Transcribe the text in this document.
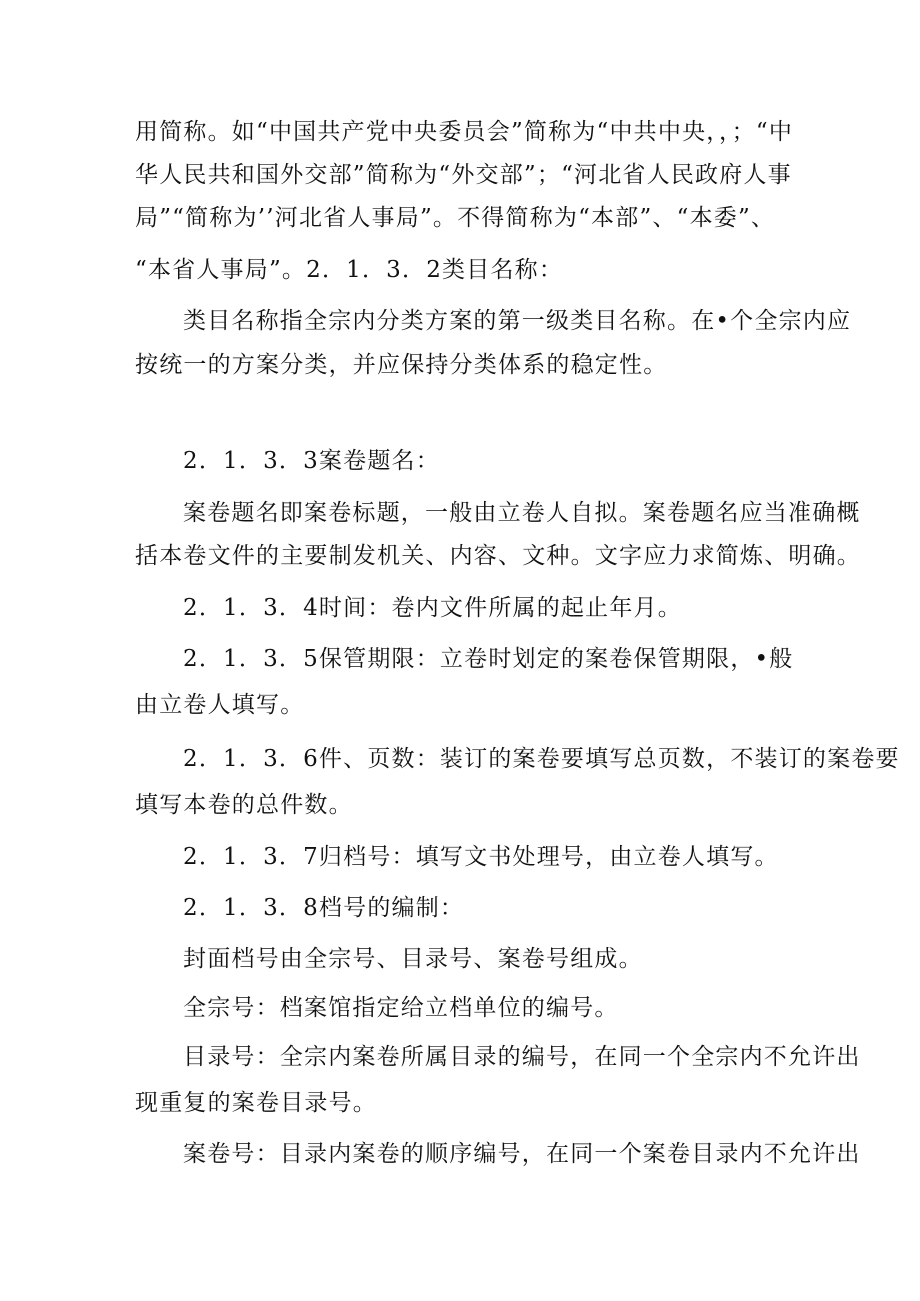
用简称。如“中国共产党中央委员会”简称为“中共中央，，；“中
华人民共和国外交部”简称为“外交部”；“河北省人民政府人事
局”“简称为’’河北省人事局”。不得简称为“本部”、“本委”、
“本省人事局”。2．1．3．2类目名称：
类目名称指全宗内分类方案的第一级类目名称。在•个全宗内应
按统一的方案分类，并应保持分类体系的稳定性。
2．1．3．3案卷题名：
案卷题名即案卷标题，一般由立卷人自拟。案卷题名应当准确概
括本卷文件的主要制发机关、内容、文种。文字应力求简炼、明确。
2．1．3．4时间：卷内文件所属的起止年月。
2．1．3．5保管期限：立卷时划定的案卷保管期限，•般
由立卷人填写。
2．1．3．6件、页数：装订的案卷要填写总页数，不装订的案卷要
填写本卷的总件数。
2．1．3．7归档号：填写文书处理号，由立卷人填写。
2．1．3．8档号的编制：
封面档号由全宗号、目录号、案卷号组成。
全宗号：档案馆指定给立档单位的编号。
目录号：全宗内案卷所属目录的编号，在同一个全宗内不允许出
现重复的案卷目录号。
案卷号：目录内案卷的顺序编号，在同一个案卷目录内不允许出
